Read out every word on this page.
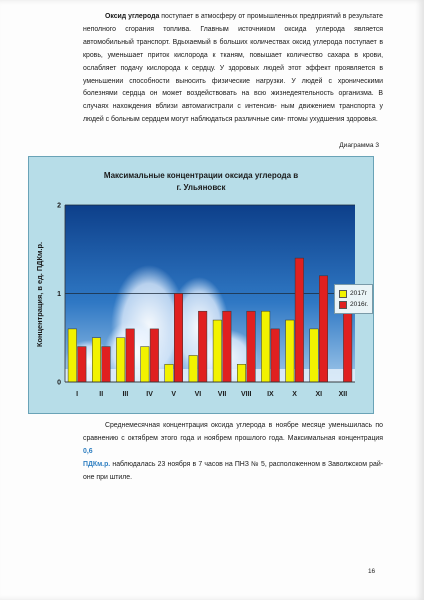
Оксид углерода поступает в атмосферу от промышленных предприятий в результате неполного сгорания топлива. Главным источником оксида углерода является автомобильный транспорт. Вдыхаемый в больших количествах оксид углерода поступает в кровь, уменьшает приток кислорода к тканям, повышает количество сахара в крови, ослабляет подачу кислорода к сердцу. У здоровых людей этот эффект проявляется в уменьшении способности выносить физические нагрузки. У людей с хроническими болезнями сердца он может воздействовать на всю жизнедеятельность организма. В случаях нахождения вблизи автомагистрали с интенсив- ным движением транспорта у людей с больным сердцем могут наблюдаться различные сим- птомы ухудшения здоровья.
Диаграмма 3
Максимальные концентрации оксида углерода в
г. Ульяновск
Концентрация, в ед. ПДКм.р.
0
1
2
I	II	III	IV	V	VI VII VIII IX	X	XI XII
2017г
2016г.
Среднемесячная концентрация оксида углерода в ноябре месяце уменьшилась по сравнению с октябрем этого года и ноябрем прошлого года. Максимальная концентрация 0,6
ПДКм.р. наблюдалась 23 ноября в 7 часов на ПНЗ № 5, расположенном в Заволжском рай- оне при штиле.
16
